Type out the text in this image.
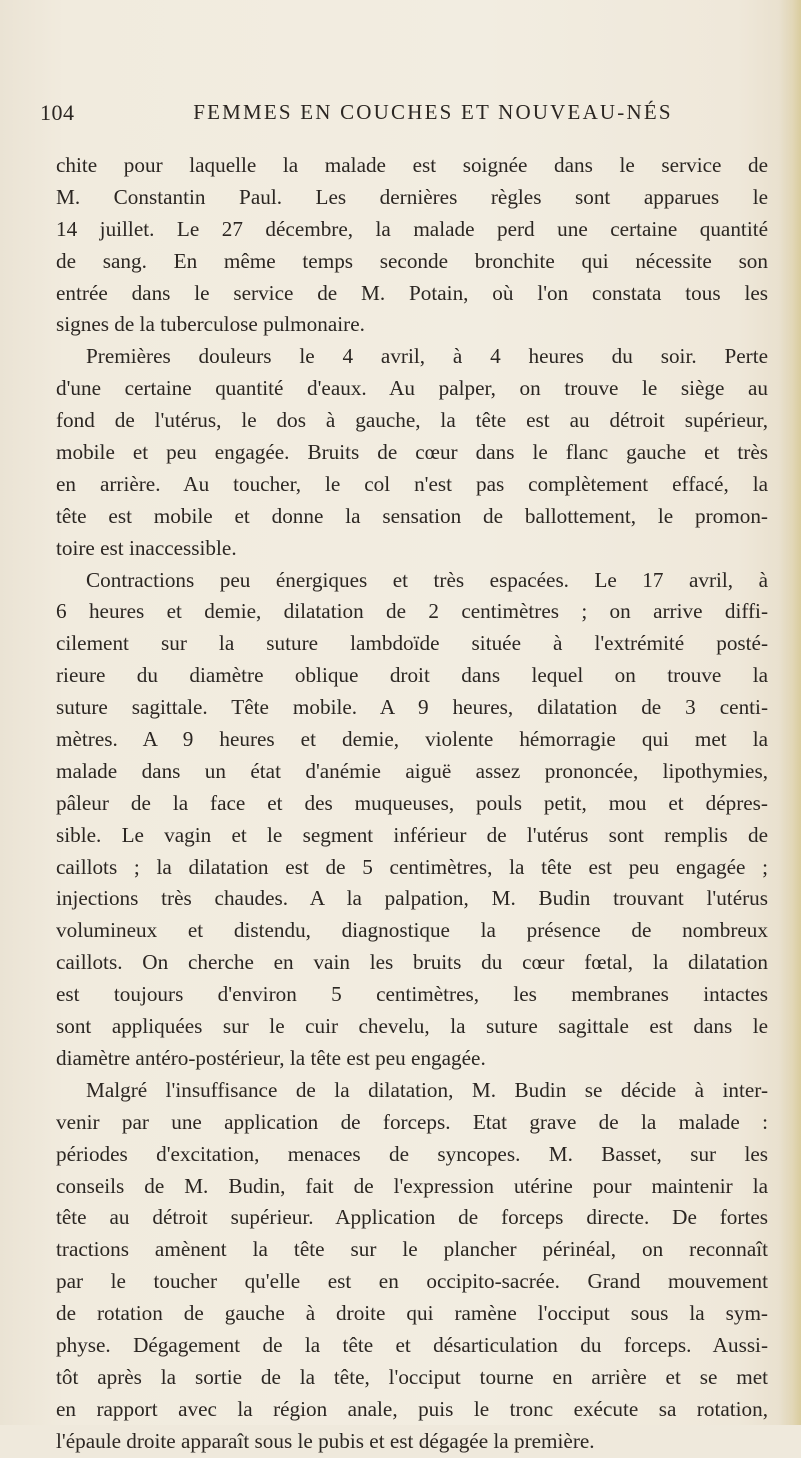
104	FEMMES EN COUCHES ET NOUVEAU-NÉS
chite pour laquelle la malade est soignée dans le service de
M. Constantin Paul. Les dernières règles sont apparues le
14 juillet. Le 27 décembre, la malade perd une certaine quantité
de sang. En même temps seconde bronchite qui nécessite son
entrée dans le service de M. Potain, où l'on constata tous les
signes de la tuberculose pulmonaire.
Premières douleurs le 4 avril, à 4 heures du soir. Perte
d'une certaine quantité d'eaux. Au palper, on trouve le siège au
fond de l'utérus, le dos à gauche, la tête est au détroit supérieur,
mobile et peu engagée. Bruits de cœur dans le flanc gauche et très
en arrière. Au toucher, le col n'est pas complètement effacé, la
tête est mobile et donne la sensation de ballottement, le promon-
toire est inaccessible.
Contractions peu énergiques et très espacées. Le 17 avril, à
6 heures et demie, dilatation de 2 centimètres ; on arrive diffi-
cilement sur la suture lambdoïde située à l'extrémité posté-
rieure du diamètre oblique droit dans lequel on trouve la
suture sagittale. Tête mobile. A 9 heures, dilatation de 3 centi-
mètres. A 9 heures et demie, violente hémorragie qui met la
malade dans un état d'anémie aiguë assez prononcée, lipothymies,
pâleur de la face et des muqueuses, pouls petit, mou et dépres-
sible. Le vagin et le segment inférieur de l'utérus sont remplis de
caillots ; la dilatation est de 5 centimètres, la tête est peu engagée ;
injections très chaudes. A la palpation, M. Budin trouvant l'utérus
volumineux et distendu, diagnostique la présence de nombreux
caillots. On cherche en vain les bruits du cœur fœtal, la dilatation
est toujours d'environ 5 centimètres, les membranes intactes
sont appliquées sur le cuir chevelu, la suture sagittale est dans le
diamètre antéro-postérieur, la tête est peu engagée.
Malgré l'insuffisance de la dilatation, M. Budin se décide à inter-
venir par une application de forceps. Etat grave de la malade :
périodes d'excitation, menaces de syncopes. M. Basset, sur les
conseils de M. Budin, fait de l'expression utérine pour maintenir la
tête au détroit supérieur. Application de forceps directe. De fortes
tractions amènent la tête sur le plancher périnéal, on reconnaît
par le toucher qu'elle est en occipito-sacrée. Grand mouvement
de rotation de gauche à droite qui ramène l'occiput sous la sym-
physe. Dégagement de la tête et désarticulation du forceps. Aussi-
tôt après la sortie de la tête, l'occiput tourne en arrière et se met
en rapport avec la région anale, puis le tronc exécute sa rotation,
l'épaule droite apparaît sous le pubis et est dégagée la première.
